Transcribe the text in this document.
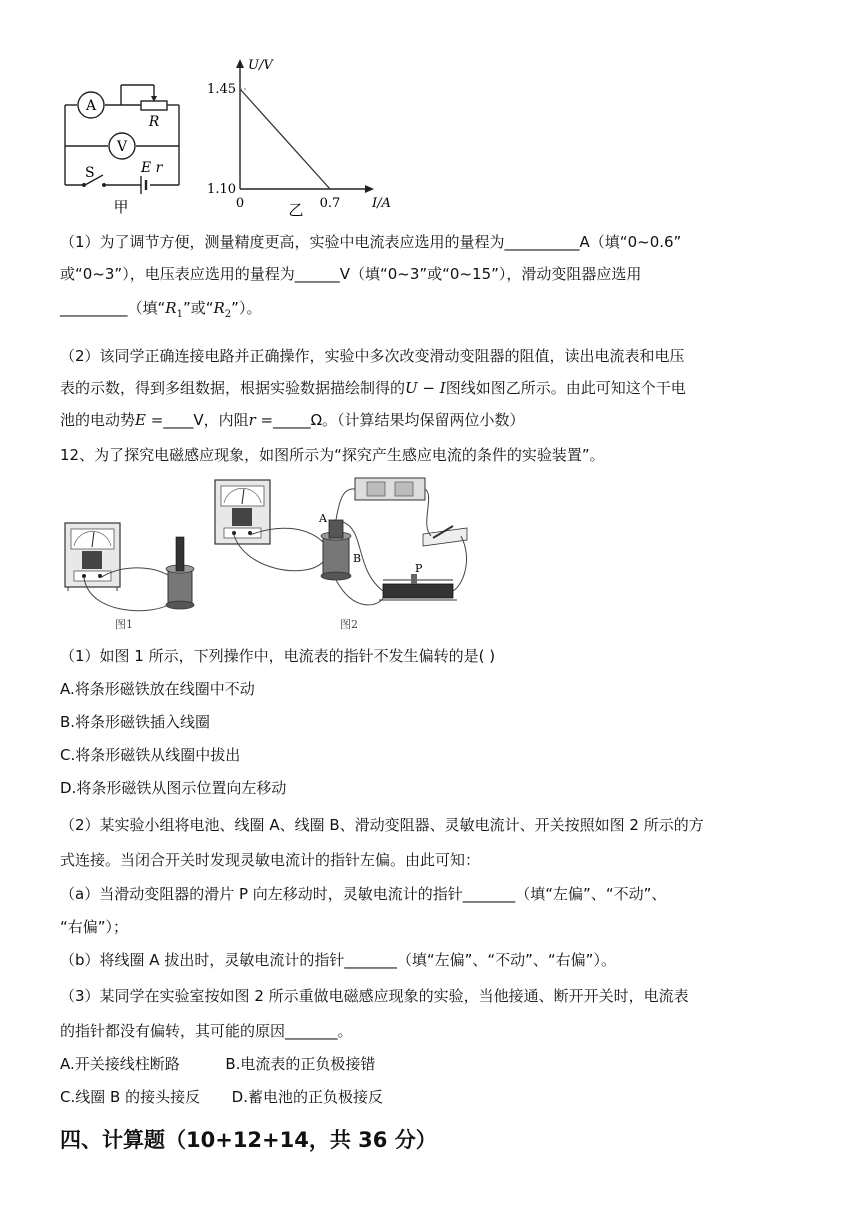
A
V
R
S	E r
甲
U/V
1.45
1.10
0	0.7 I/A
乙
（1）为了调节方便，测量精度更高，实验中电流表应选用的量程为__________A（填“0~0.6”
或“0~3”），电压表应选用的量程为______V（填“0~3”或“0~15”），滑动变阻器应选用
_________（填“$R_1$”或“$R_2$”）。
（2）该同学正确连接电路并正确操作，实验中多次改变滑动变阻器的阻值，读出电流表和电压
表的示数，得到多组数据，根据实验数据描绘制得的U − I图线如图乙所示。由此可知这个干电
池的电动势E =____V，内阻r =_____Ω。（计算结果均保留两位小数）
12、为了探究电磁感应现象，如图所示为“探究产生感应电流的条件的实验装置”。
图1
A
B
P
图2
（1）如图 1 所示，下列操作中，电流表的指针不发生偏转的是( )
A.将条形磁铁放在线圈中不动
B.将条形磁铁插入线圈
C.将条形磁铁从线圈中拔出
D.将条形磁铁从图示位置向左移动
（2）某实验小组将电池、线圈 A、线圈 B、滑动变阻器、灵敏电流计、开关按照如图 2 所示的方
式连接。当闭合开关时发现灵敏电流计的指针左偏。由此可知：
（a）当滑动变阻器的滑片 P 向左移动时，灵敏电流计的指针_______（填“左偏”、“不动”、
“右偏”）；
（b）将线圈 A 拔出时，灵敏电流计的指针_______（填“左偏”、“不动”、“右偏”）。
（3）某同学在实验室按如图 2 所示重做电磁感应现象的实验，当他接通、断开开关时，电流表
的指针都没有偏转，其可能的原因_______。
A.开关接线柱断路	B.电流表的正负极接错
C.线圈 B 的接头接反 D.蓄电池的正负极接反
四、计算题（10+12+14，共 36 分）
